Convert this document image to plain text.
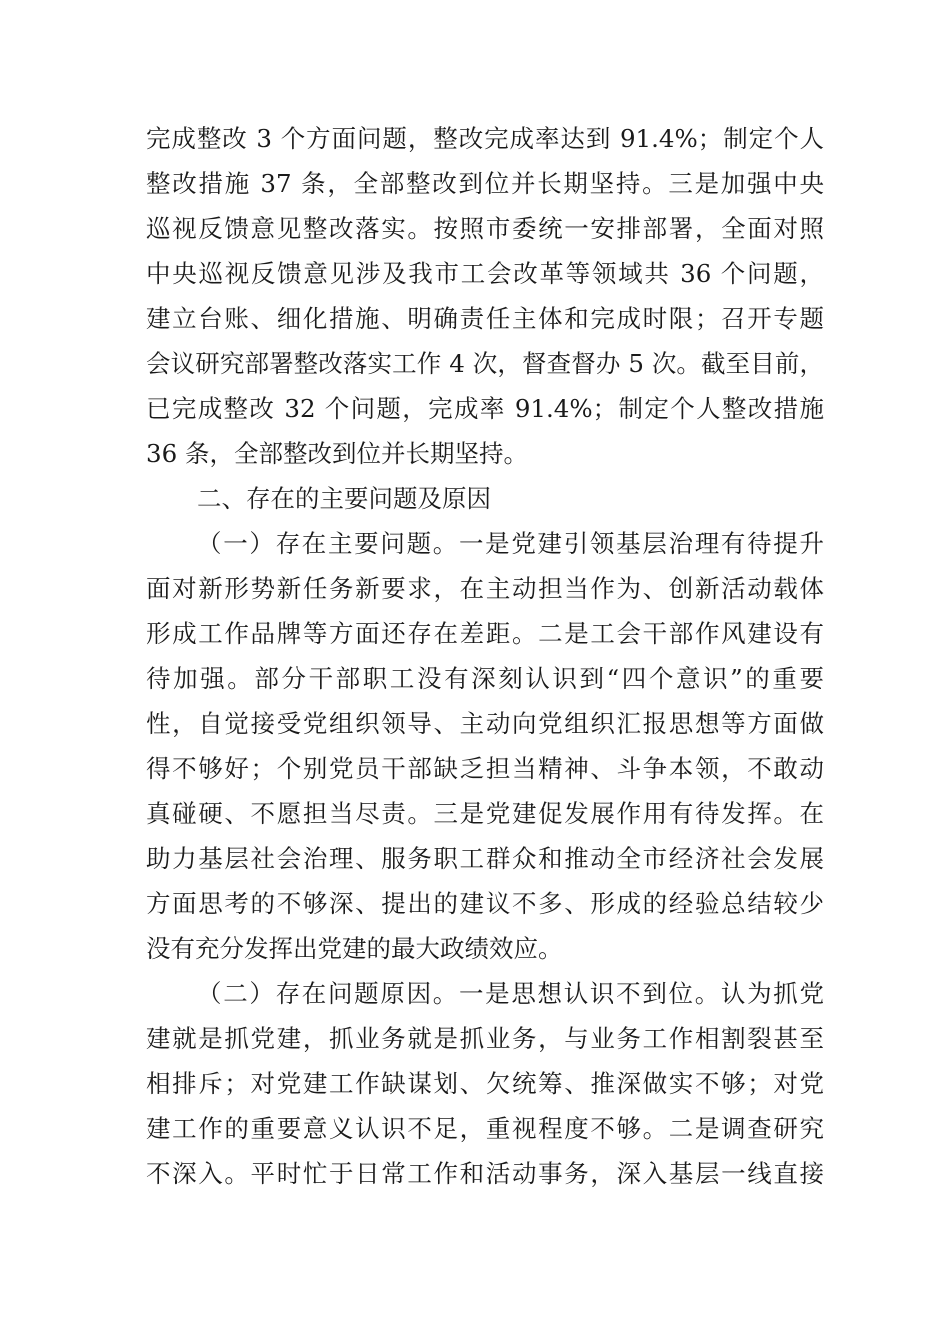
完成整改 3 个方面问题，整改完成率达到 91.4%；制定个人
整改措施 37 条，全部整改到位并长期坚持。三是加强中央
巡视反馈意见整改落实。按照市委统一安排部署，全面对照
中央巡视反馈意见涉及我市工会改革等领域共 36 个问题，
建立台账、细化措施、明确责任主体和完成时限；召开专题
会议研究部署整改落实工作 4 次，督查督办 5 次。截至目前，
已完成整改 32 个问题，完成率 91.4%；制定个人整改措施
36 条，全部整改到位并长期坚持。
二、存在的主要问题及原因
（一）存在主要问题。一是党建引领基层治理有待提升
面对新形势新任务新要求，在主动担当作为、创新活动载体
形成工作品牌等方面还存在差距。二是工会干部作风建设有
待加强。部分干部职工没有深刻认识到“四个意识”的重要
性，自觉接受党组织领导、主动向党组织汇报思想等方面做
得不够好；个别党员干部缺乏担当精神、斗争本领，不敢动
真碰硬、不愿担当尽责。三是党建促发展作用有待发挥。在
助力基层社会治理、服务职工群众和推动全市经济社会发展
方面思考的不够深、提出的建议不多、形成的经验总结较少
没有充分发挥出党建的最大政绩效应。
（二）存在问题原因。一是思想认识不到位。认为抓党
建就是抓党建，抓业务就是抓业务，与业务工作相割裂甚至
相排斥；对党建工作缺谋划、欠统筹、推深做实不够；对党
建工作的重要意义认识不足，重视程度不够。二是调查研究
不深入。平时忙于日常工作和活动事务，深入基层一线直接
